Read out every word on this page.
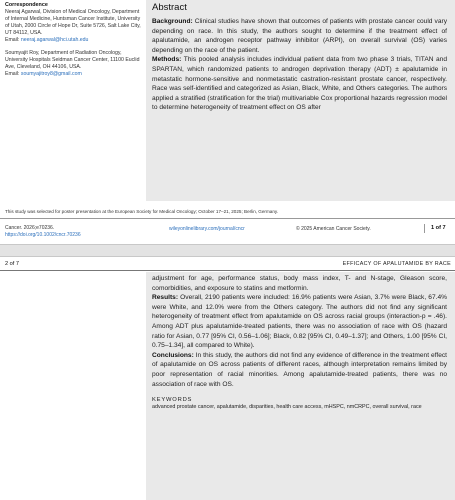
Correspondence

Neeraj Agarwal, Division of Medical Oncology, Department of Internal Medicine, Huntsman Cancer Institute, University of Utah, 2000 Circle of Hope Dr, Suite 5726, Salt Lake City, UT 84112, USA.
Email: neeraj.agarwal@hci.utah.edu

Soumyajit Roy, Department of Radiation Oncology, University Hospitals Seidman Cancer Center, 11100 Euclid Ave, Cleveland, OH 44106, USA.
Email: soumyajitroy8@gmail.com

Abstract

Background: Clinical studies have shown that outcomes of patients with prostate cancer could vary depending on race. In this study, the authors sought to determine if the treatment effect of apalutamide, an androgen receptor pathway inhibitor (ARPI), on overall survival (OS) varies depending on the race of the patient.

Methods: This pooled analysis includes individual patient data from two phase 3 trials, TITAN and SPARTAN, which randomized patients to androgen deprivation therapy (ADT) ± apalutamide in metastatic hormone-sensitive and nonmetastatic castration-resistant prostate cancer, respectively. Race was self-identified and categorized as Asian, Black, White, and Others categories. The authors applied a stratified (stratification for the trial) multivariable Cox proportional hazards regression model to determine heterogeneity of treatment effect on OS after

This study was selected for poster presentation at the European Society for Medical Oncology; October 17–21, 2025; Berlin, Germany.
Cancer. 2026;e70236.
https://doi.org/10.1002/cncr.70236
wileyonlinelibrary.com/journal/cncr	© 2025 American Cancer Society.	1 of 7
2 of 7	EFFICACY OF APALUTAMIDE BY RACE

adjustment for age, performance status, body mass index, T- and N-stage, Gleason score, comorbidities, and exposure to statins and metformin.

Results: Overall, 2190 patients were included: 16.9% patients were Asian, 3.7% were Black, 67.4% were White, and 12.0% were from the Others category. The authors did not find any significant heterogeneity of treatment effect from apalutamide on OS across racial groups (interaction-p = .46). Among ADT plus apalutamide-treated patients, there was no association of race with OS (hazard ratio for Asian, 0.77 [95% CI, 0.56–1.06]; Black, 0.82 [95% CI, 0.49–1.37]; and Others, 1.00 [95% CI, 0.75–1.34], all compared to White).

Conclusions: In this study, the authors did not find any evidence of difference in the treatment effect of apalutamide on OS across patients of different races, although interpretation remains limited by poor representation of racial minorities. Among apalutamide-treated patients, there was no association of race with OS.

KEYWORDS

advanced prostate cancer, apalutamide, disparities, health care access, mHSPC, nmCRPC, overall survival, race
